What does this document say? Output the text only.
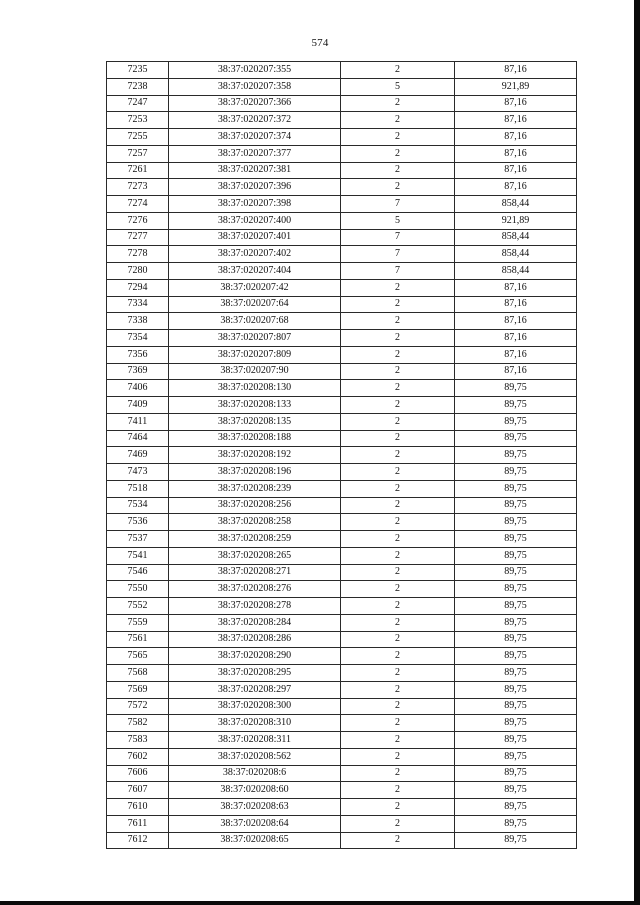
574
7235	38:37:020207:355	2	87,16
7238	38:37:020207:358	5	921,89
7247	38:37:020207:366	2	87,16
7253	38:37:020207:372	2	87,16
7255	38:37:020207:374	2	87,16
7257	38:37:020207:377	2	87,16
7261	38:37:020207:381	2	87,16
7273	38:37:020207:396	2	87,16
7274	38:37:020207:398	7	858,44
7276	38:37:020207:400	5	921,89
7277	38:37:020207:401	7	858,44
7278	38:37:020207:402	7	858,44
7280	38:37:020207:404	7	858,44
7294	38:37:020207:42	2	87,16
7334	38:37:020207:64	2	87,16
7338	38:37:020207:68	2	87,16
7354	38:37:020207:807	2	87,16
7356	38:37:020207:809	2	87,16
7369	38:37:020207:90	2	87,16
7406	38:37:020208:130	2	89,75
7409	38:37:020208:133	2	89,75
7411	38:37:020208:135	2	89,75
7464	38:37:020208:188	2	89,75
7469	38:37:020208:192	2	89,75
7473	38:37:020208:196	2	89,75
7518	38:37:020208:239	2	89,75
7534	38:37:020208:256	2	89,75
7536	38:37:020208:258	2	89,75
7537	38:37:020208:259	2	89,75
7541	38:37:020208:265	2	89,75
7546	38:37:020208:271	2	89,75
7550	38:37:020208:276	2	89,75
7552	38:37:020208:278	2	89,75
7559	38:37:020208:284	2	89,75
7561	38:37:020208:286	2	89,75
7565	38:37:020208:290	2	89,75
7568	38:37:020208:295	2	89,75
7569	38:37:020208:297	2	89,75
7572	38:37:020208:300	2	89,75
7582	38:37:020208:310	2	89,75
7583	38:37:020208:311	2	89,75
7602	38:37:020208:562	2	89,75
7606	38:37:020208:6	2	89,75
7607	38:37:020208:60	2	89,75
7610	38:37:020208:63	2	89,75
7611	38:37:020208:64	2	89,75
7612	38:37:020208:65	2	89,75
